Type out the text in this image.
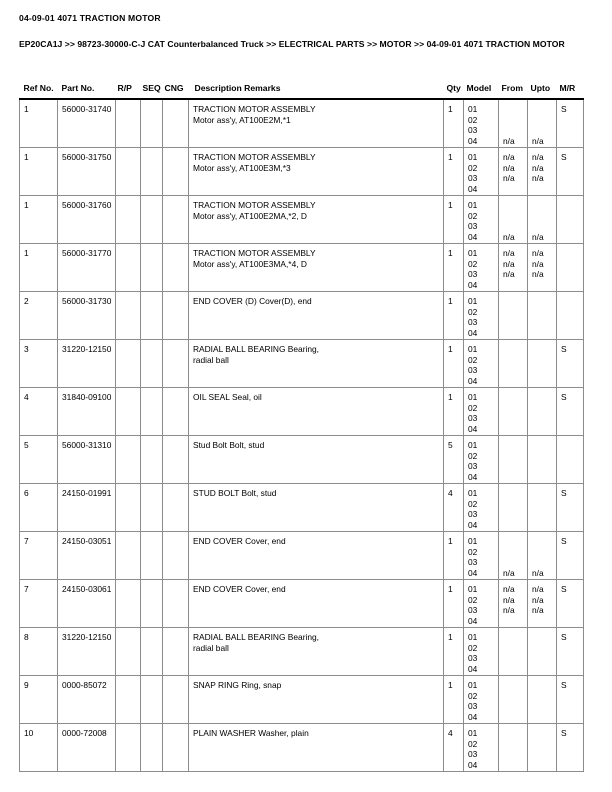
04-09-01 4071 TRACTION MOTOR
EP20CA1J >> 98723-30000-C-J CAT Counterbalanced Truck >> ELECTRICAL PARTS >> MOTOR >> 04-09-01 4071 TRACTION MOTOR
Ref No.	Part No.	R/P	SEQ	CNG	Description Remarks	Qty	Model	From	Upto	M/R
1	56000-31740				TRACTION MOTOR ASSEMBLY
Motor ass'y, AT100E2M,*1	1	01
02
03
04	n/a	n/a	S
1	56000-31750				TRACTION MOTOR ASSEMBLY
Motor ass'y, AT100E3M,*3	1	01
02
03
04	n/a
n/a
n/a	n/a
n/a
n/a	S
1	56000-31760				TRACTION MOTOR ASSEMBLY
Motor ass'y, AT100E2MA,*2, D	1	01
02
03
04	n/a	n/a	

1	56000-31770				TRACTION MOTOR ASSEMBLY
Motor ass'y, AT100E3MA,*4, D	1	01
02
03
04	n/a
n/a
n/a	n/a
n/a
n/a	

2	56000-31730				END COVER (D) Cover(D), end	1	01
02
03
04			

3	31220-12150				RADIAL BALL BEARING Bearing,
radial ball	1	01
02
03
04			S
4	31840-09100				OIL SEAL Seal, oil	1	01
02
03
04			S
5	56000-31310				Stud Bolt Bolt, stud	5	01
02
03
04			

6	24150-01991				STUD BOLT Bolt, stud	4	01
02
03
04			S
7	24150-03051				END COVER Cover, end	1	01
02
03
04	n/a	n/a	S
7	24150-03061				END COVER Cover, end	1	01
02
03
04	n/a
n/a
n/a	n/a
n/a
n/a	S
8	31220-12150				RADIAL BALL BEARING Bearing,
radial ball	1	01
02
03
04			S
9	0000-85072				SNAP RING Ring, snap	1	01
02
03
04			S
10	0000-72008				PLAIN WASHER Washer, plain	4	01
02
03
04			S
